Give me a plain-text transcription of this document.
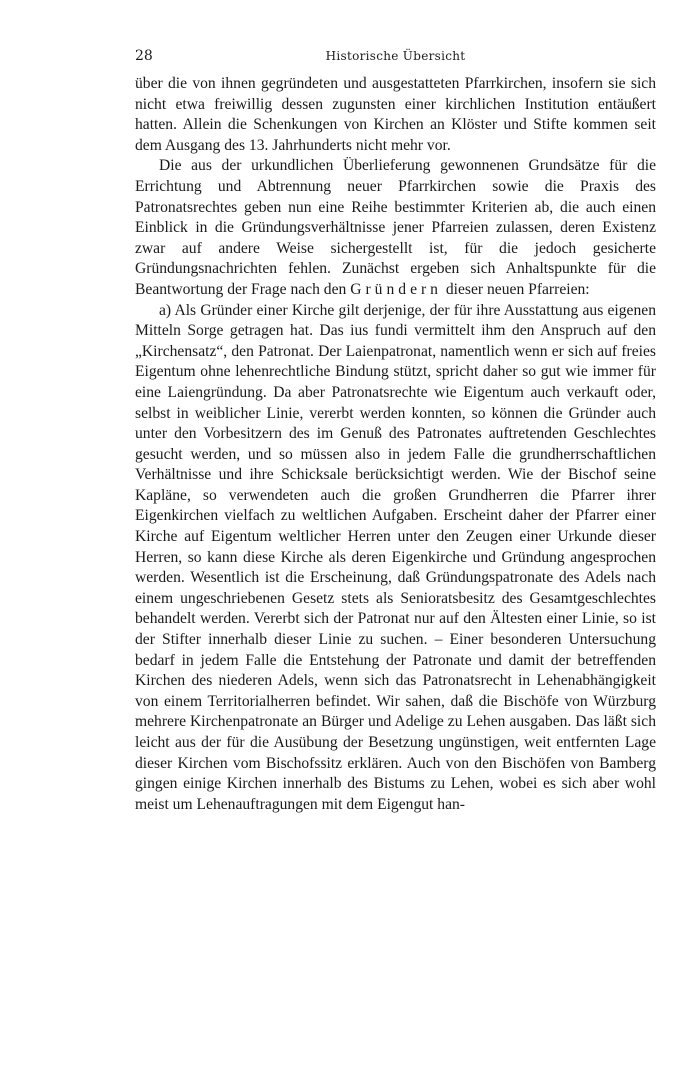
28	Historische Übersicht

über die von ihnen gegründeten und ausgestatteten Pfarrkirchen, insofern sie sich nicht etwa freiwillig dessen zugunsten einer kirchlichen Institution entäußert hatten. Allein die Schenkungen von Kirchen an Klöster und Stifte kommen seit dem Ausgang des 13. Jahrhunderts nicht mehr vor.

Die aus der urkundlichen Überlieferung gewonnenen Grundsätze für die Errichtung und Abtrennung neuer Pfarrkirchen sowie die Praxis des Patronatsrechtes geben nun eine Reihe bestimmter Kriterien ab, die auch einen Einblick in die Gründungsverhältnisse jener Pfarreien zulassen, deren Existenz zwar auf andere Weise sichergestellt ist, für die jedoch gesicherte Gründungsnachrichten fehlen. Zunächst ergeben sich Anhaltspunkte für die Beantwortung der Frage nach den Gründern dieser neuen Pfarreien:

a) Als Gründer einer Kirche gilt derjenige, der für ihre Ausstattung aus eigenen Mitteln Sorge getragen hat. Das ius fundi vermittelt ihm den Anspruch auf den „Kirchensatz“, den Patronat. Der Laienpatronat, namentlich wenn er sich auf freies Eigentum ohne lehenrechtliche Bindung stützt, spricht daher so gut wie immer für eine Laiengründung. Da aber Patronatsrechte wie Eigentum auch verkauft oder, selbst in weiblicher Linie, vererbt werden konnten, so können die Gründer auch unter den Vorbesitzern des im Genuß des Patronates auftretenden Geschlechtes gesucht werden, und so müssen also in jedem Falle die grundherrschaftlichen Verhältnisse und ihre Schicksale berücksichtigt werden. Wie der Bischof seine Kapläne, so verwendeten auch die großen Grundherren die Pfarrer ihrer Eigenkirchen vielfach zu weltlichen Aufgaben. Erscheint daher der Pfarrer einer Kirche auf Eigentum weltlicher Herren unter den Zeugen einer Urkunde dieser Herren, so kann diese Kirche als deren Eigenkirche und Gründung angesprochen werden. Wesentlich ist die Erscheinung, daß Gründungspatronate des Adels nach einem ungeschriebenen Gesetz stets als Senioratsbesitz des Gesamtgeschlechtes behandelt werden. Vererbt sich der Patronat nur auf den Ältesten einer Linie, so ist der Stifter innerhalb dieser Linie zu suchen. – Einer besonderen Untersuchung bedarf in jedem Falle die Entstehung der Patronate und damit der betreffenden Kirchen des niederen Adels, wenn sich das Patronatsrecht in Lehenabhängigkeit von einem Territorialherren befindet. Wir sahen, daß die Bischöfe von Würzburg mehrere Kirchenpatronate an Bürger und Adelige zu Lehen ausgaben. Das läßt sich leicht aus der für die Ausübung der Besetzung ungünstigen, weit entfernten Lage dieser Kirchen vom Bischofssitz erklären. Auch von den Bischöfen von Bamberg gingen einige Kirchen innerhalb des Bistums zu Lehen, wobei es sich aber wohl meist um Lehenauftragungen mit dem Eigengut han-
